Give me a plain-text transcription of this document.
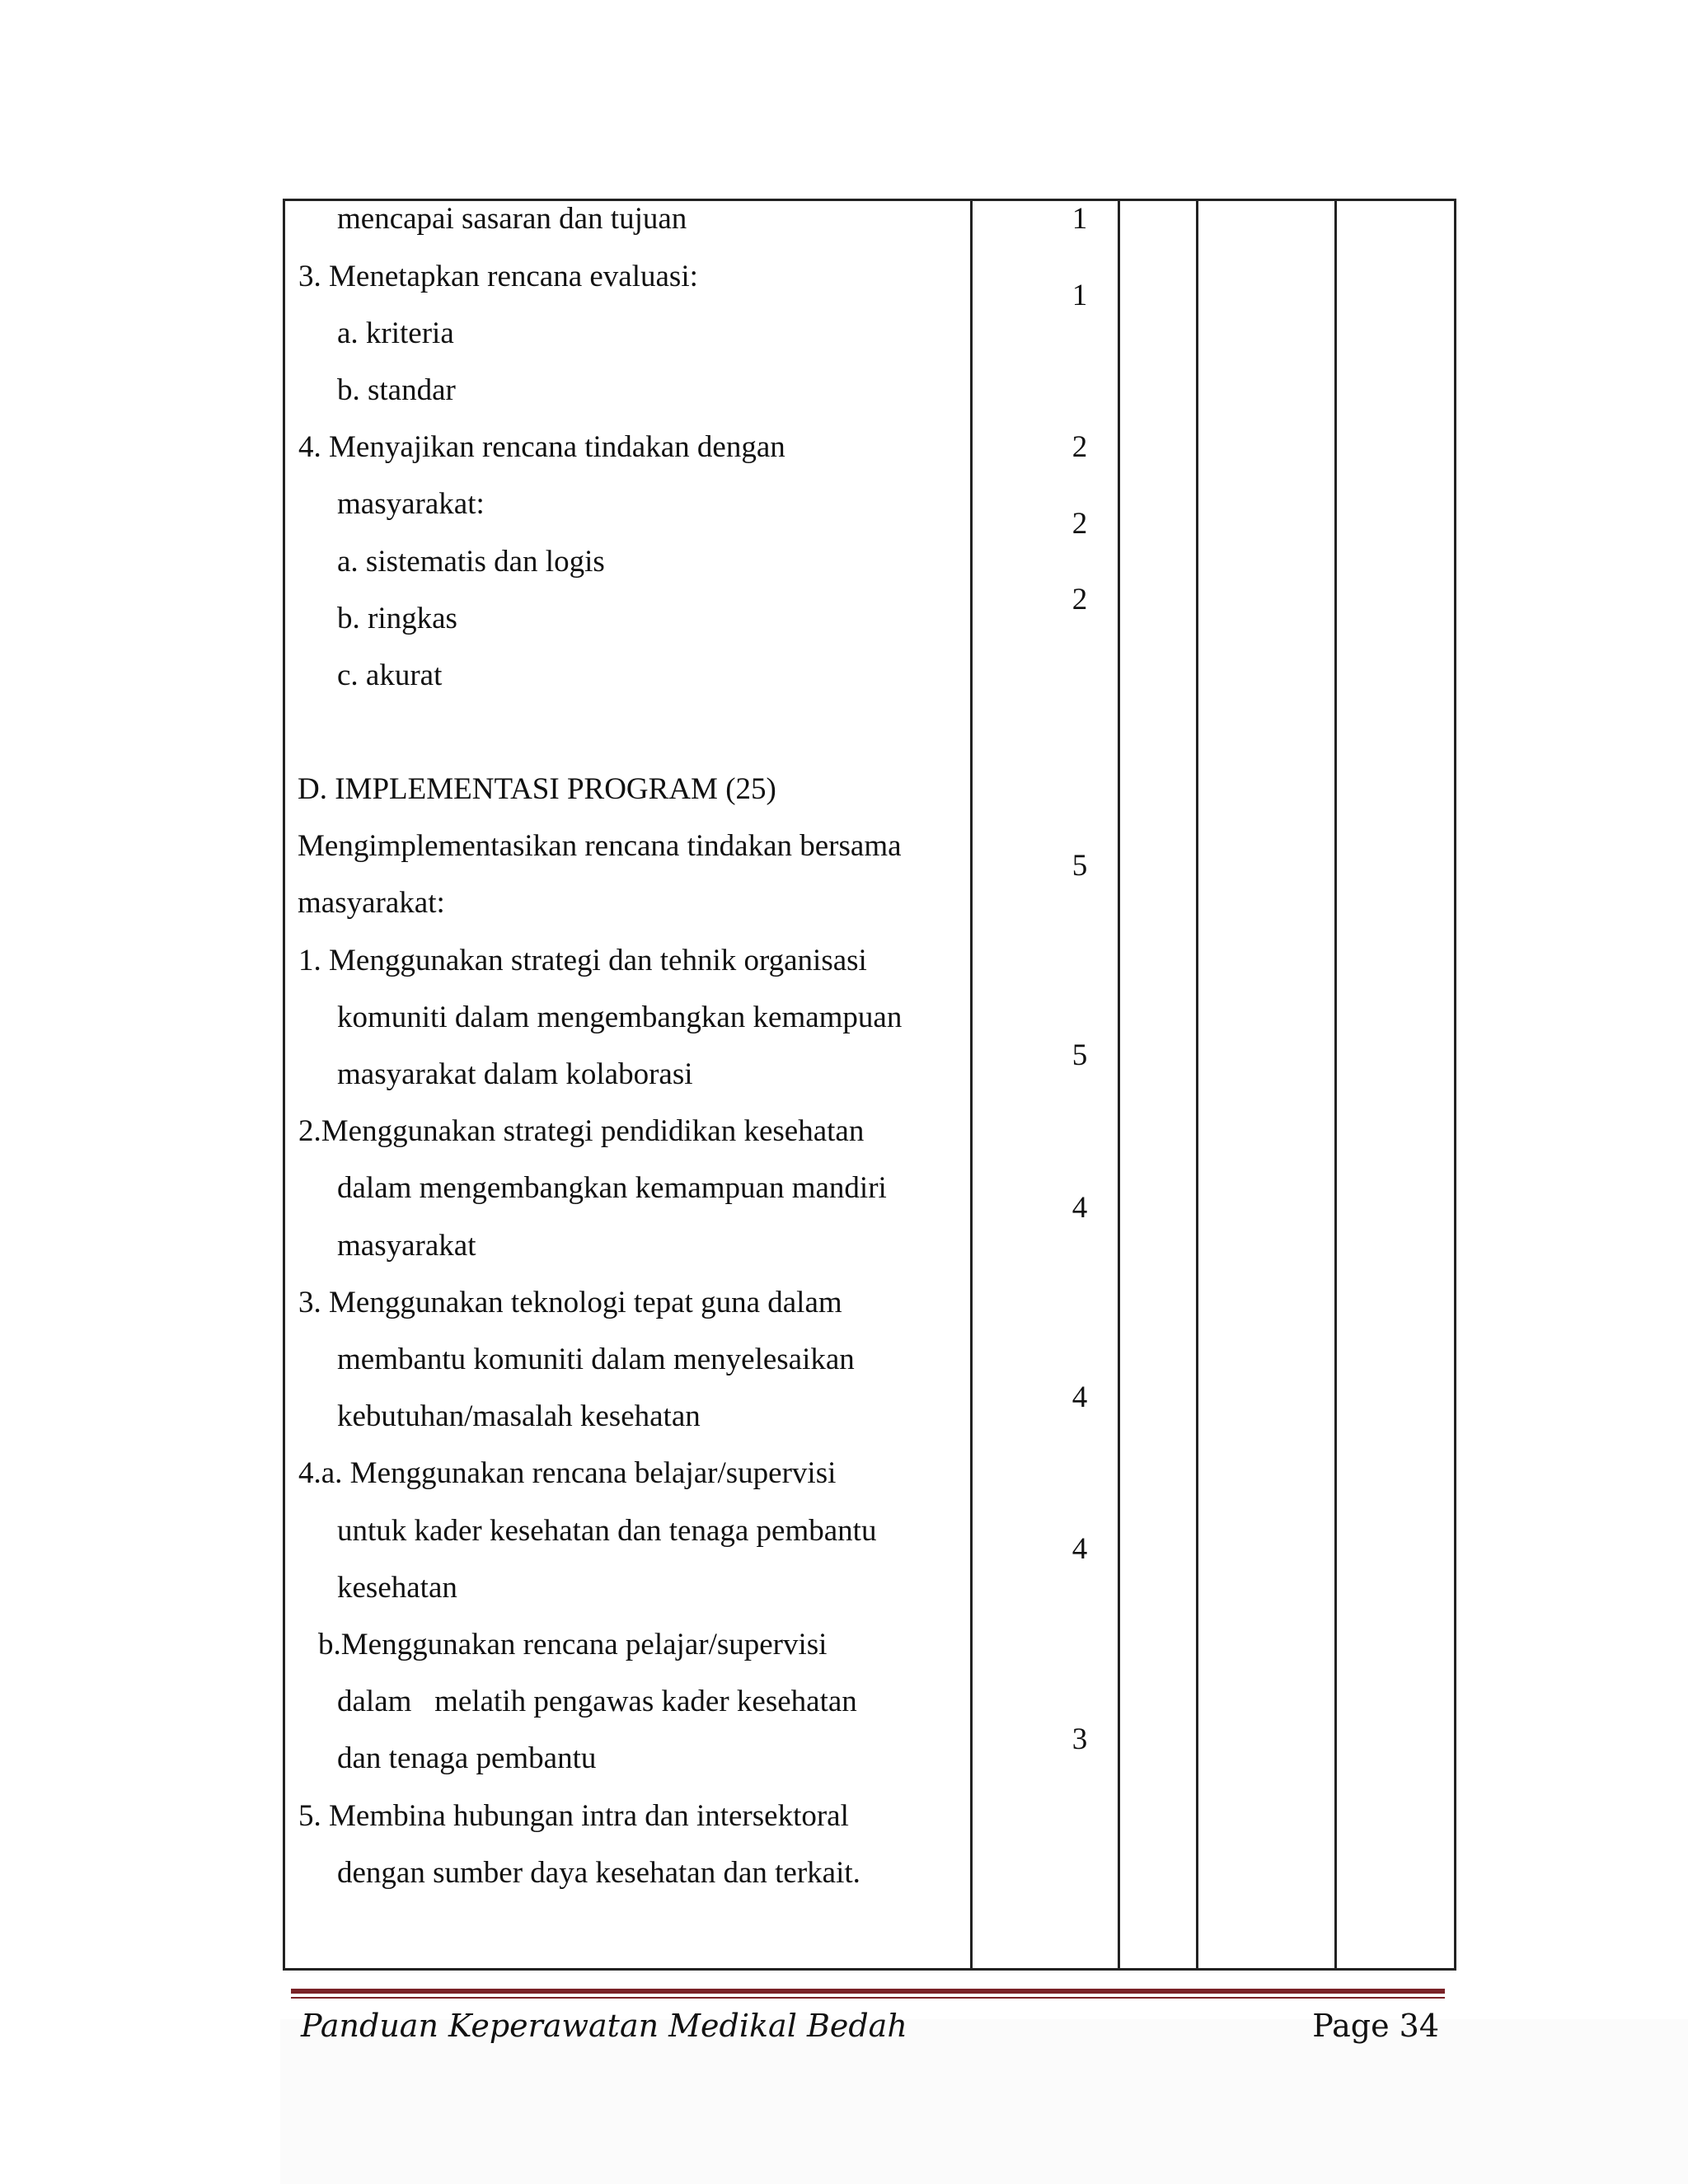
mencapai sasaran dan tujuan
3. Menetapkan rencana evaluasi:
a. kriteria
b. standar
4. Menyajikan rencana tindakan dengan
masyarakat:
a. sistematis dan logis
b. ringkas
c. akurat
D. IMPLEMENTASI PROGRAM (25)
Mengimplementasikan rencana tindakan bersama
masyarakat:
1. Menggunakan strategi dan tehnik organisasi
komuniti dalam mengembangkan kemampuan
masyarakat dalam kolaborasi
2.Menggunakan strategi pendidikan kesehatan
dalam mengembangkan kemampuan mandiri
masyarakat
3. Menggunakan teknologi tepat guna dalam
membantu komuniti dalam menyelesaikan
kebutuhan/masalah kesehatan
4.a. Menggunakan rencana belajar/supervisi
untuk kader kesehatan dan tenaga pembantu
kesehatan
b.Menggunakan rencana pelajar/supervisi
dalam   melatih pengawas kader kesehatan
dan tenaga pembantu
5. Membina hubungan intra dan intersektoral
dengan sumber daya kesehatan dan terkait.
1
1
2
2
2
5
5
4
4
4
3
Panduan Keperawatan Medikal Bedah	Page 34
